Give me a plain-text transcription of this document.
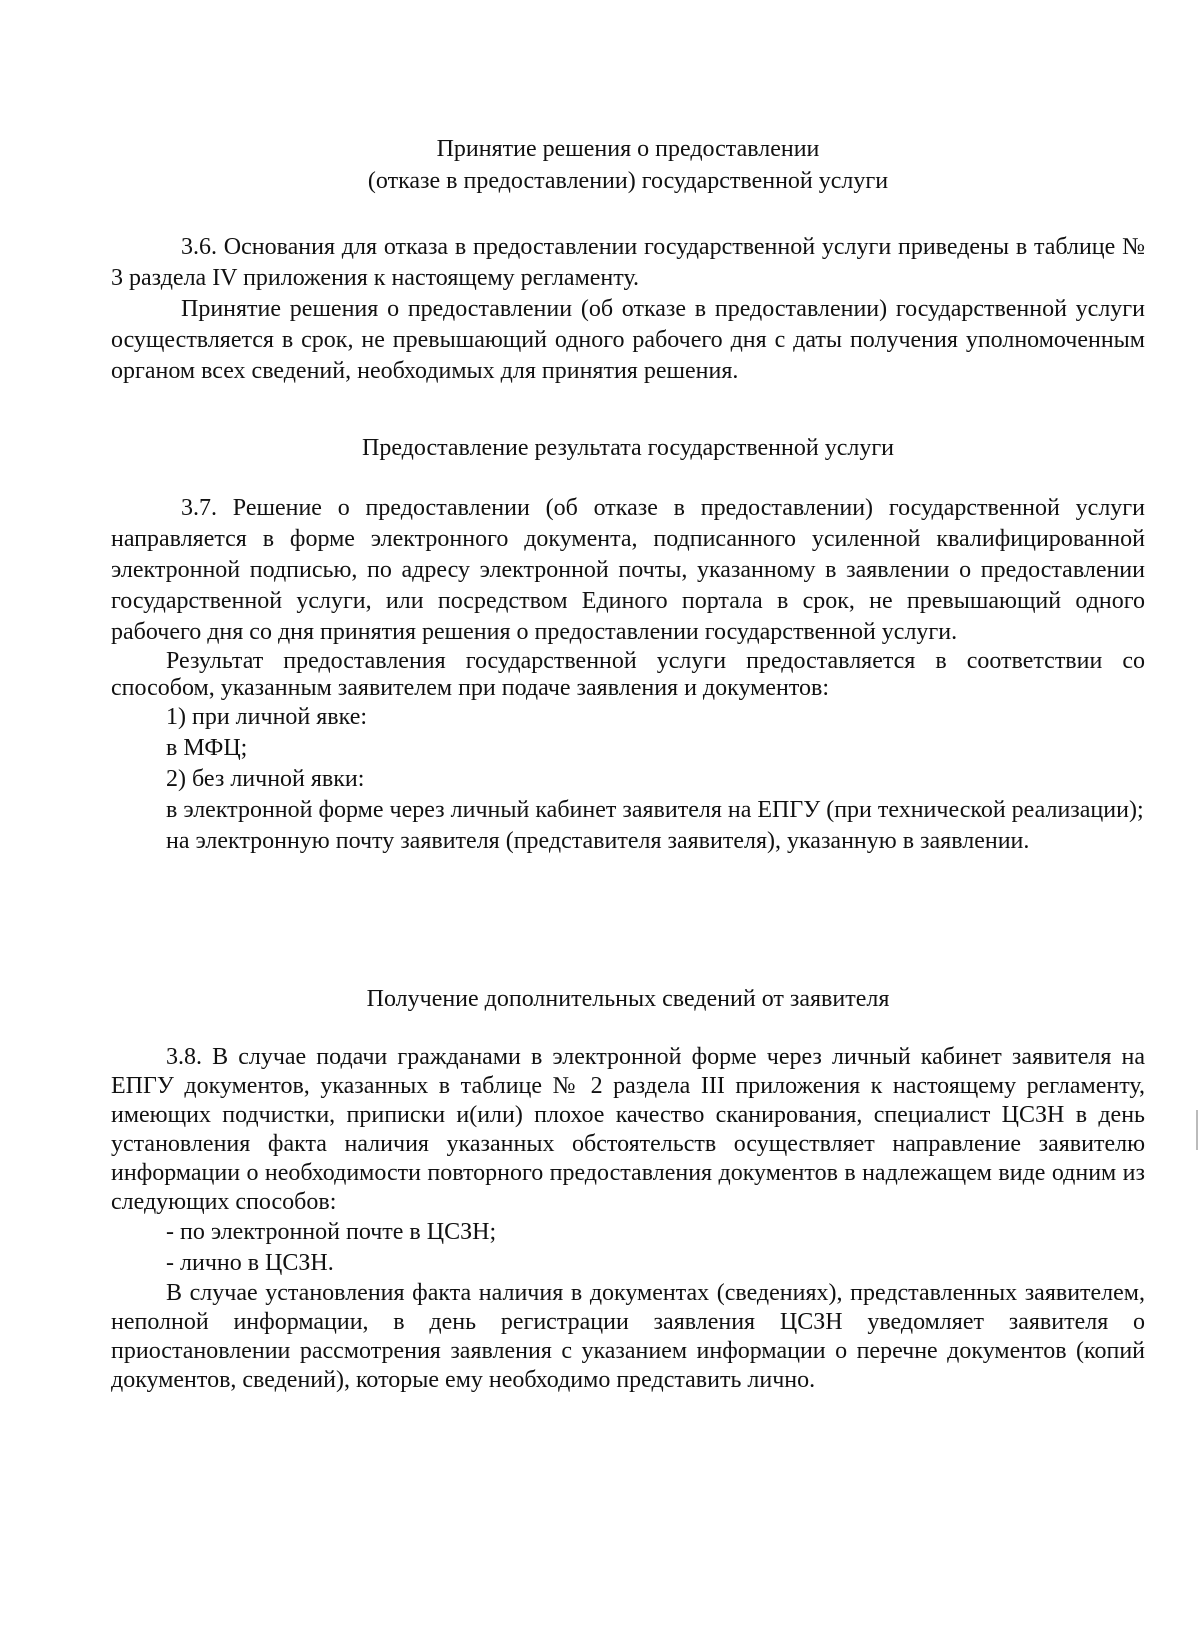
Принятие решения о предоставлении
(отказе в предоставлении) государственной услуги

3.6. Основания для отказа в предоставлении государственной услуги приведены в таблице № 3 раздела IV приложения к настоящему регламенту.

Принятие решения о предоставлении (об отказе в предоставлении) государственной услуги осуществляется в срок, не превышающий одного рабочего дня с даты получения уполномоченным органом всех сведений, необходимых для принятия решения.

Предоставление результата государственной услуги

3.7. Решение о предоставлении (об отказе в предоставлении) государственной услуги направляется в форме электронного документа, подписанного усиленной квалифицированной электронной подписью, по адресу электронной почты, указанному в заявлении о предоставлении государственной услуги, или посредством Единого портала в срок, не превышающий одного рабочего дня со дня принятия решения о предоставлении государственной услуги.

Результат предоставления государственной услуги предоставляется в соответствии со способом, указанным заявителем при подаче заявления и документов:

1) при личной явке:

в МФЦ;

2) без личной явки:

в электронной форме через личный кабинет заявителя на ЕПГУ (при технической реализации);

на электронную почту заявителя (представителя заявителя), указанную в заявлении.

Получение дополнительных сведений от заявителя

3.8. В случае подачи гражданами в электронной форме через личный кабинет заявителя на ЕПГУ документов, указанных в таблице № 2 раздела III приложения к настоящему регламенту, имеющих подчистки, приписки и(или) плохое качество сканирования, специалист ЦСЗН в день установления факта наличия указанных обстоятельств осуществляет направление заявителю информации о необходимости повторного предоставления документов в надлежащем виде одним из следующих способов:

- по электронной почте в ЦСЗН;

- лично в ЦСЗН.

В случае установления факта наличия в документах (сведениях), представленных заявителем, неполной информации, в день регистрации заявления ЦСЗН уведомляет заявителя о приостановлении рассмотрения заявления с указанием информации о перечне документов (копий документов, сведений), которые ему необходимо представить лично.
